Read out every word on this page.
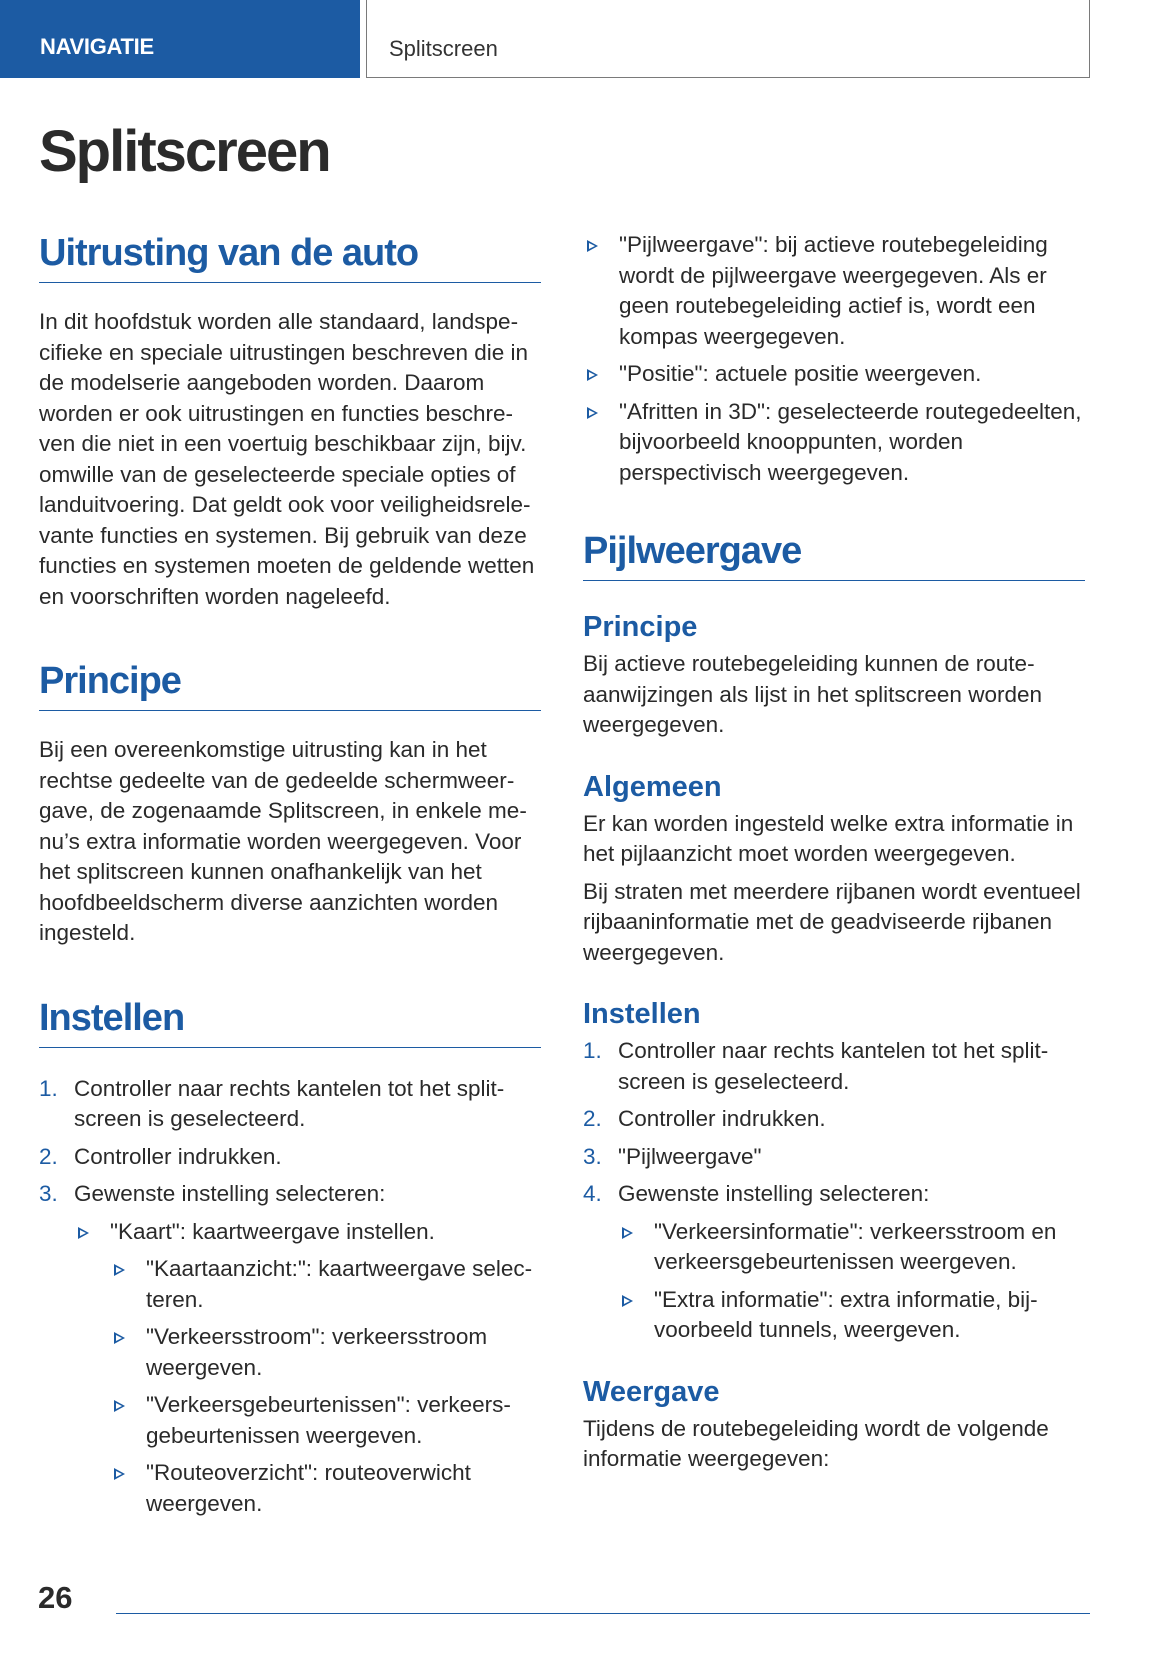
NAVIGATIE	Splitscreen
Splitscreen
Uitrusting van de auto

In dit hoofdstuk worden alle standaard, landspecifieke en speciale uitrustingen beschreven die in de modelserie aangeboden worden. Daarom worden er ook uitrustingen en functies beschreven die niet in een voertuig beschikbaar zijn, bijv. omwille van de geselecteerde speciale opties of landuitvoering. Dat geldt ook voor veiligheidsrelevante functies en systemen. Bij gebruik van deze functies en systemen moeten de geldende wetten en voorschriften worden nageleefd.

Principe

Bij een overeenkomstige uitrusting kan in het rechtse gedeelte van de gedeelde schermweergave, de zogenaamde Splitscreen, in enkele menu’s extra informatie worden weergegeven. Voor het splitscreen kunnen onafhankelijk van het hoofdbeeldscherm diverse aanzichten worden ingesteld.

Instellen
1. Controller naar rechts kantelen tot het splitscreen is geselecteerd.
2. Controller indrukken.
3. Gewenste instelling selecteren:
"Kaart": kaartweergave instellen.
"Kaartaanzicht:": kaartweergave selecteren.
"Verkeersstroom": verkeersstroom weergeven.
"Verkeersgebeurtenissen": verkeersgebeurtenissen weergeven.
"Routeoverzicht": routeoverwicht weergeven.
"Pijlweergave": bij actieve routebegeleiding wordt de pijlweergave weergegeven. Als er geen routebegeleiding actief is, wordt een kompas weergegeven.
"Positie": actuele positie weergeven.
"Afritten in 3D": geselecteerde routegedeelten, bijvoorbeeld knooppunten, worden perspectivisch weergegeven.
Pijlweergave
Principe

Bij actieve routebegeleiding kunnen de routeaanwijzingen als lijst in het splitscreen worden weergegeven.

Algemeen

Er kan worden ingesteld welke extra informatie in het pijlaanzicht moet worden weergegeven.

Bij straten met meerdere rijbanen wordt eventueel rijbaaninformatie met de geadviseerde rijbanen weergegeven.

Instellen
1. Controller naar rechts kantelen tot het splitscreen is geselecteerd.
2. Controller indrukken.
3. "Pijlweergave"
4. Gewenste instelling selecteren:
"Verkeersinformatie": verkeersstroom en verkeersgebeurtenissen weergeven.
"Extra informatie": extra informatie, bijvoorbeeld tunnels, weergeven.
Weergave

Tijdens de routebegeleiding wordt de volgende informatie weergegeven:

26
